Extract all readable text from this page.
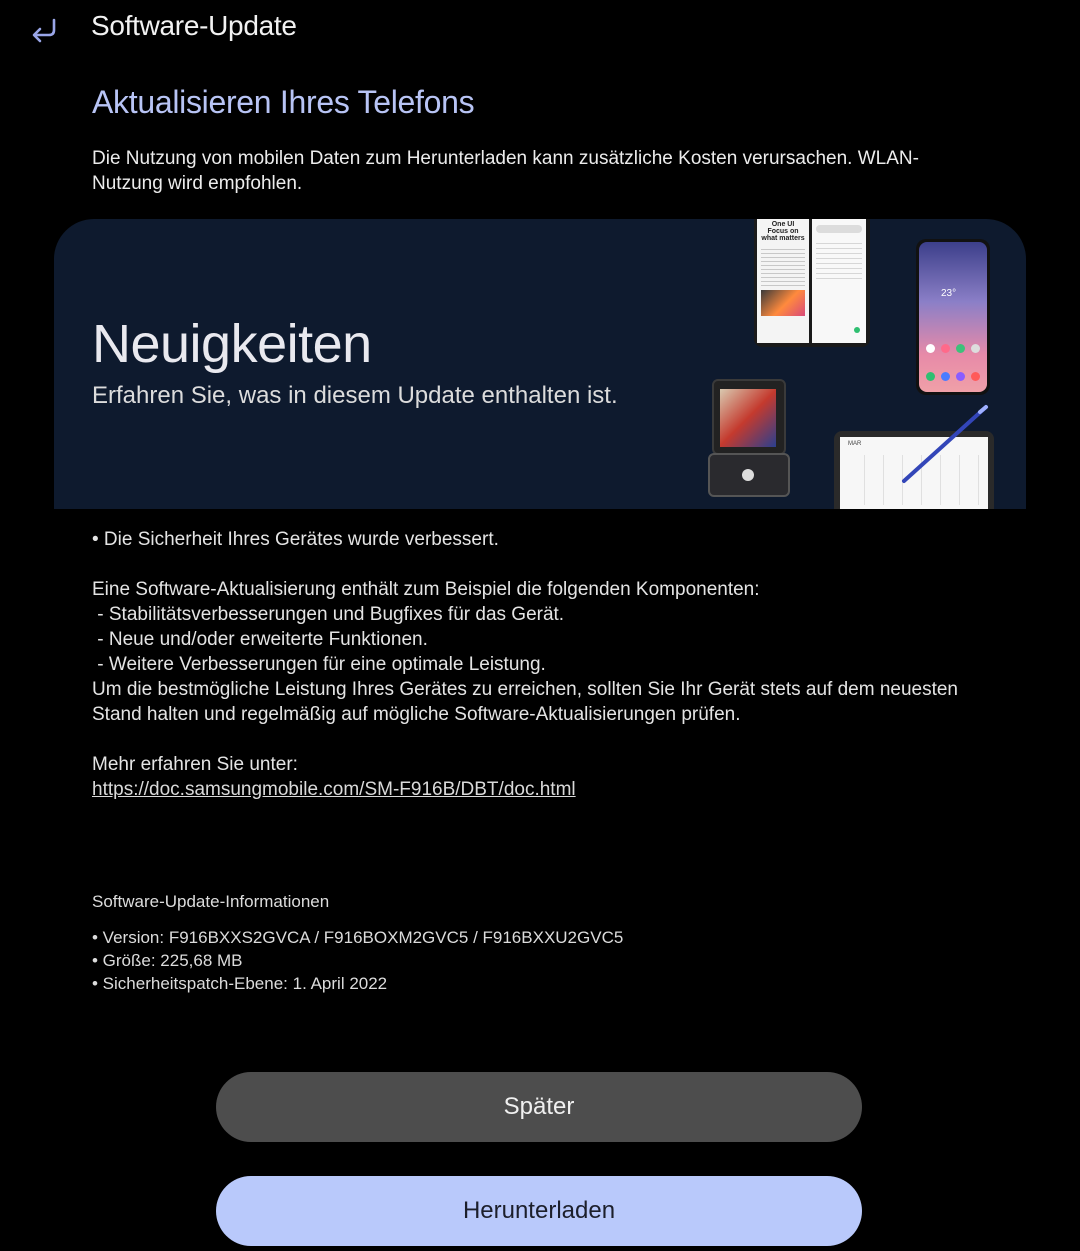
Software-Update
Aktualisieren Ihres Telefons
Die Nutzung von mobilen Daten zum Herunterladen kann zusätzliche Kosten verursachen. WLAN-Nutzung wird empfohlen.
Neuigkeiten
Erfahren Sie, was in diesem Update enthalten ist.
One UI
Focus on
what matters
23°
MAR

• Die Sicherheit Ihres Gerätes wurde verbessert.

Eine Software-Aktualisierung enthält zum Beispiel die folgenden Komponenten:

- Stabilitätsverbesserungen und Bugfixes für das Gerät.

- Neue und/oder erweiterte Funktionen.

- Weitere Verbesserungen für eine optimale Leistung.

Um die bestmögliche Leistung Ihres Gerätes zu erreichen, sollten Sie Ihr Gerät stets auf dem neuesten Stand halten und regelmäßig auf mögliche Software-Aktualisierungen prüfen.

Mehr erfahren Sie unter:

https://doc.samsungmobile.com/SM-F916B/DBT/doc.html

Software-Update-Informationen
• Version: F916BXXS2GVCA / F916BOXM2GVC5 / F916BXXU2GVC5
• Größe: 225,68 MB
• Sicherheitspatch-Ebene: 1. April 2022
Später
Herunterladen
